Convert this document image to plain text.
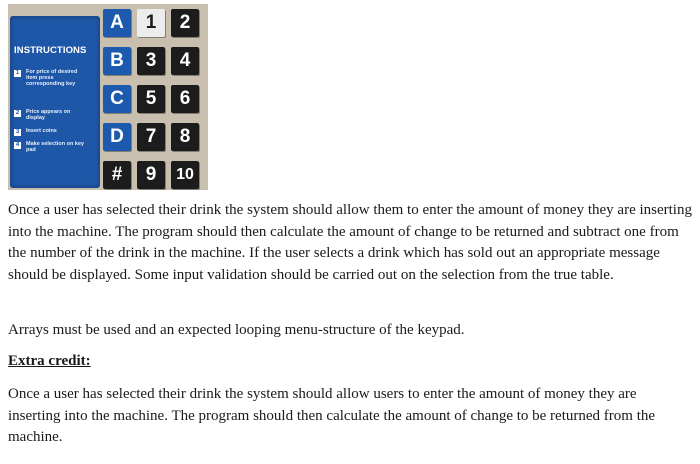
INSTRUCTIONS
1	For price of desired item press corresponding key
2	Price appears on display
3	Insert coins
4	Make selection on key pad
A	1	2
B	3	4
C	5	6
D	7	8
#	9	10
Once a user has selected their drink the system should allow them to enter the amount of money they are inserting into the machine. The program should then calculate the amount of change to be returned and subtract one from the number of the drink in the machine. If the user selects a drink which has sold out an appropriate message should be displayed. Some input validation should be carried out on the selection from the true table.
Arrays must be used and an expected looping menu-structure of the keypad.
Extra credit:
Once a user has selected their drink the system should allow users to enter the amount of money they are inserting into the machine. The program should then calculate the amount of change to be returned from the machine.
